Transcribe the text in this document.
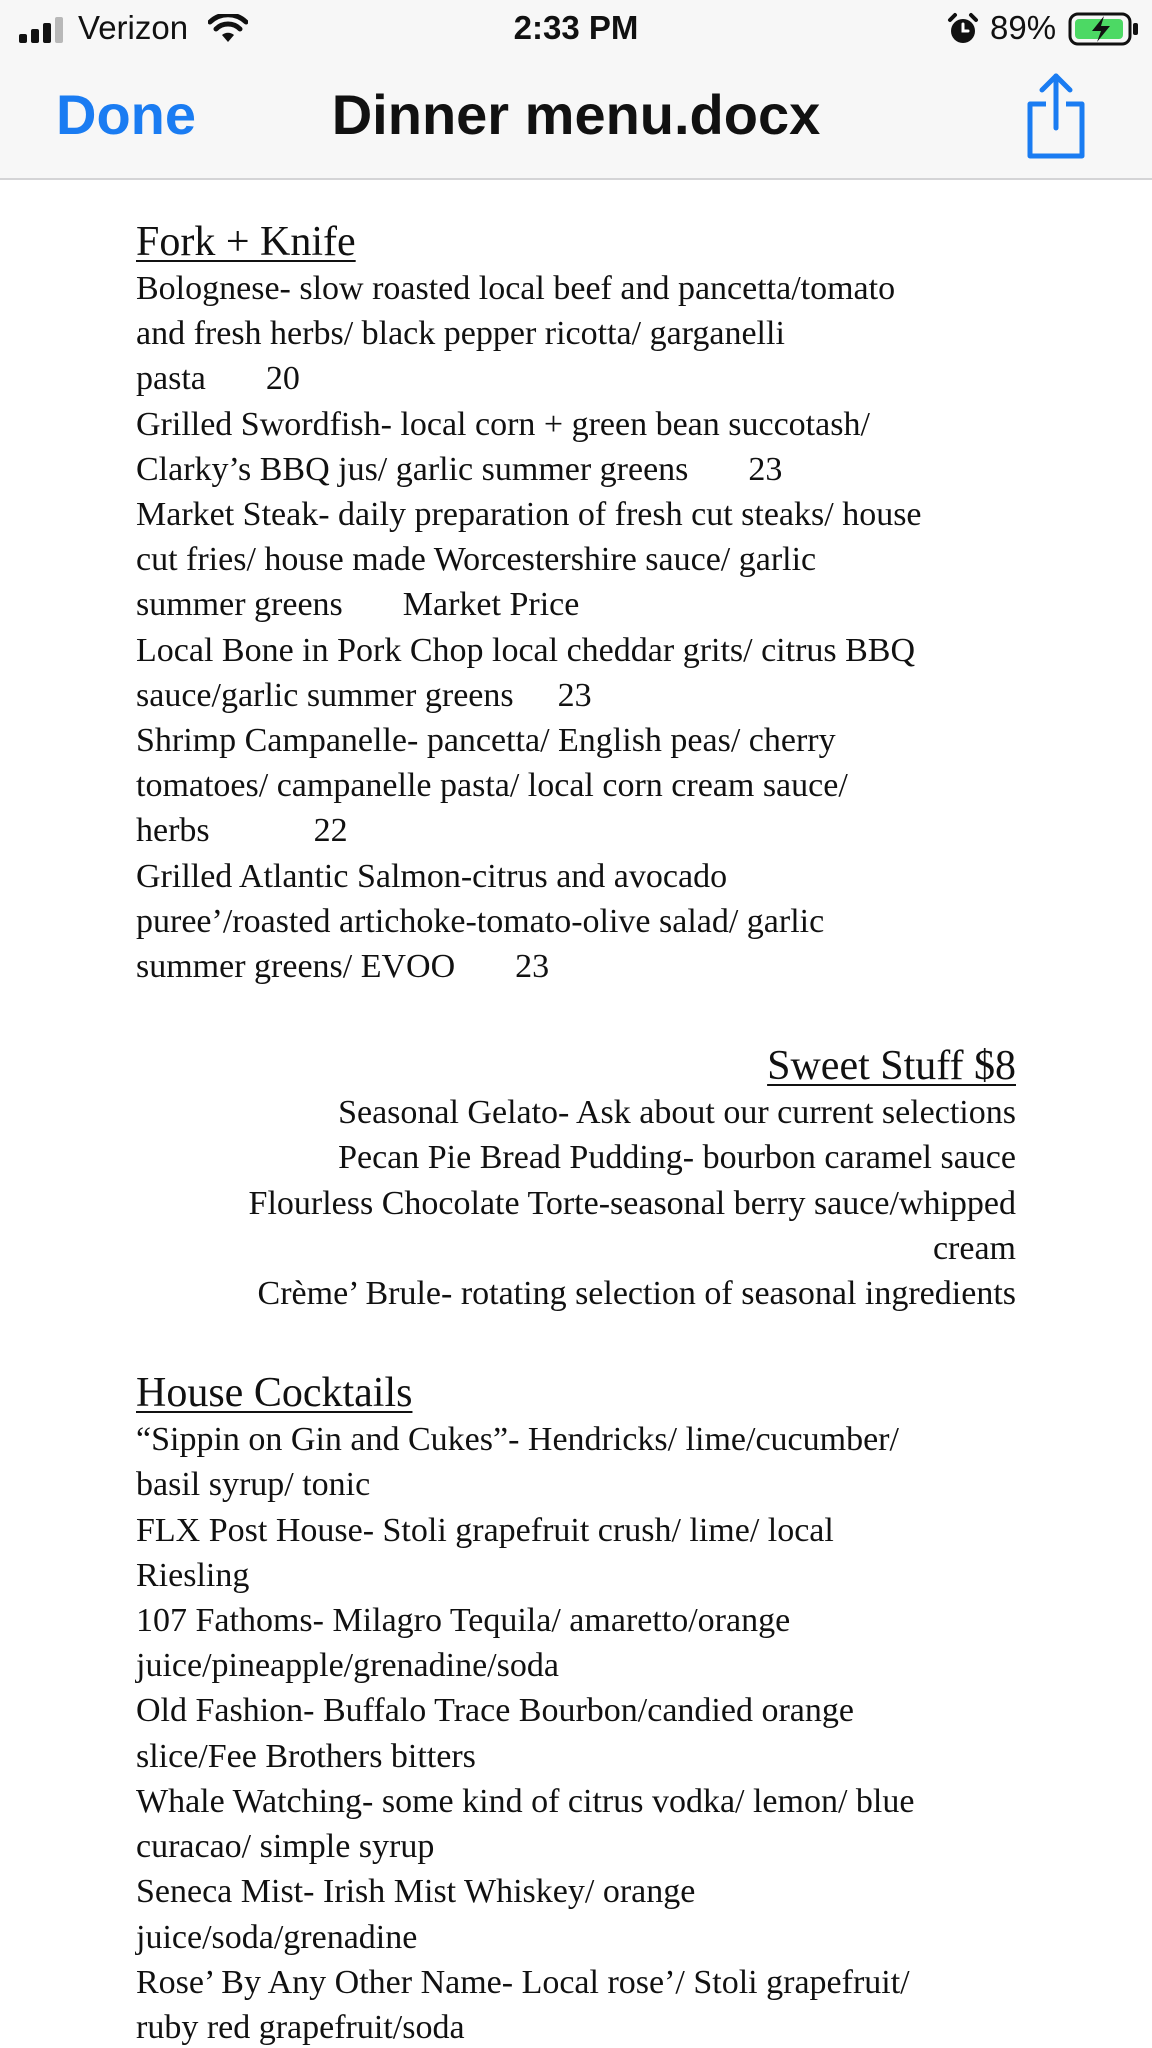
Verizon	2:33 PM	89%
Done	Dinner menu.docx
Fork + Knife
Bolognese- slow roasted local beef and pancetta/tomato
and fresh herbs/ black pepper ricotta/ garganelli
pasta 20
Grilled Swordfish- local corn + green bean succotash/
Clarky’s BBQ jus/ garlic summer greens 23
Market Steak- daily preparation of fresh cut steaks/ house
cut fries/ house made Worcestershire sauce/ garlic
summer greens Market Price
Local Bone in Pork Chop local cheddar grits/ citrus BBQ
sauce/garlic summer greens 23
Shrimp Campanelle- pancetta/ English peas/ cherry
tomatoes/ campanelle pasta/ local corn cream sauce/
herbs	22
Grilled Atlantic Salmon-citrus and avocado
puree’/roasted artichoke-tomato-olive salad/ garlic
summer greens/ EVOO 23
Sweet Stuff $8
Seasonal Gelato- Ask about our current selections
Pecan Pie Bread Pudding- bourbon caramel sauce
Flourless Chocolate Torte-seasonal berry sauce/whipped
cream
Crème’ Brule- rotating selection of seasonal ingredients
House Cocktails
“Sippin on Gin and Cukes”- Hendricks/ lime/cucumber/
basil syrup/ tonic
FLX Post House- Stoli grapefruit crush/ lime/ local
Riesling
107 Fathoms- Milagro Tequila/ amaretto/orange
juice/pineapple/grenadine/soda
Old Fashion- Buffalo Trace Bourbon/candied orange
slice/Fee Brothers bitters
Whale Watching- some kind of citrus vodka/ lemon/ blue
curacao/ simple syrup
Seneca Mist- Irish Mist Whiskey/ orange
juice/soda/grenadine
Rose’ By Any Other Name- Local rose’/ Stoli grapefruit/
ruby red grapefruit/soda
